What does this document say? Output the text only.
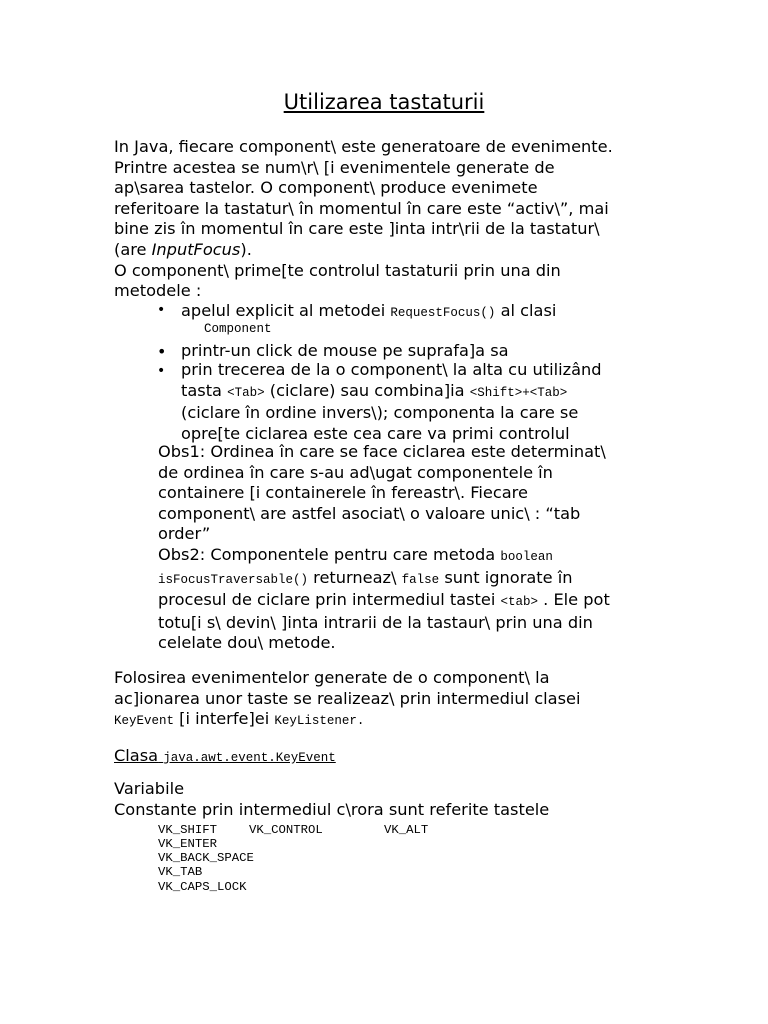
Utilizarea tastaturii
In Java, fiecare component\ este generatoare de evenimente.
Printre acestea se num\r\ [i evenimentele generate de
ap\sarea tastelor. O component\ produce evenimete
referitoare la tastatur\ în momentul în care este “activ\”, mai
bine zis în momentul în care este ]inta intr\rii de la tastatur\
(are InputFocus).
O component\ prime[te controlul tastaturii prin una din
metodele :
• apelul explicit al metodei RequestFocus() al clasi
Component
• printr-un click de mouse pe suprafa]a sa
• prin trecerea de la o component\ la alta cu utilizând
tasta <Tab> (ciclare) sau combina]ia <Shift>+<Tab>
(ciclare în ordine invers\); componenta la care se
opre[te ciclarea este cea care va primi controlul
Obs1: Ordinea în care se face ciclarea este determinat\
de ordinea în care s-au ad\ugat componentele în
containere [i containerele în fereastr\. Fiecare
component\ are astfel asociat\ o valoare unic\ : “tab
order”
Obs2: Componentele pentru care metoda boolean
isFocusTraversable() returneaz\ false sunt ignorate în
procesul de ciclare prin intermediul tastei <tab> . Ele pot
totu[i s\ devin\ ]inta intrarii de la tastaur\ prin una din
celelate dou\ metode.
Folosirea evenimentelor generate de o component\ la
ac]ionarea unor taste se realizeaz\ prin intermediul clasei
KeyEvent [i interfe]ei KeyListener.
Clasa java.awt.event.KeyEvent
Variabile
Constante prin intermediul c\rora sunt referite tastele
VK_SHIFT	VK_CONTROL	VK_ALT
VK_ENTER
VK_BACK_SPACE
VK_TAB
VK_CAPS_LOCK
